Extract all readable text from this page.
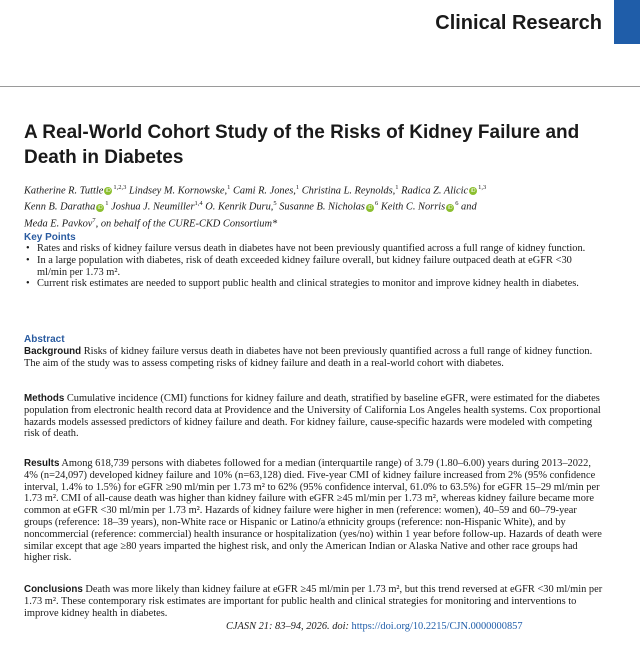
Clinical Research
A Real-World Cohort Study of the Risks of Kidney Failure and Death in Diabetes
Katherine R. Tuttle iD$^{1,2,3}$ Lindsey M. Kornowske,$^1$ Cami R. Jones,$^1$ Christina L. Reynolds,$^1$ Radica Z. Alicic iD$^{1,3}$
Kenn B. Daratha $iD^1$ Joshua J. Neumiller$^{1,4}$ O. Kenrik Duru,$^5$ Susanne B. Nicholas $iD^6$ Keith C. Norris $iD^6$ and
Meda E. Pavkov$^7$, on behalf of the CURE-CKD Consortium*
Key Points
• Rates and risks of kidney failure versus death in diabetes have not been previously quantified across a full range of kidney function.
• In a large population with diabetes, risk of death exceeded kidney failure overall, but kidney failure outpaced death at eGFR <30 ml/min per 1.73 m².
• Current risk estimates are needed to support public health and clinical strategies to monitor and improve kidney health in diabetes.
Abstract

Background Risks of kidney failure versus death in diabetes have not been previously quantified across a full range of kidney function. The aim of the study was to assess competing risks of kidney failure and death in a real-world cohort with diabetes.

Methods Cumulative incidence (CMI) functions for kidney failure and death, stratified by baseline eGFR, were estimated for the diabetes population from electronic health record data at Providence and the University of California Los Angeles health systems. Cox proportional hazards models assessed predictors of kidney failure and death. For kidney failure, cause-specific hazards were modeled with competing risk of death.

Results Among 618,739 persons with diabetes followed for a median (interquartile range) of 3.79 (1.80–6.00) years during 2013–2022, 4% (n=24,097) developed kidney failure and 10% (n=63,128) died. Five-year CMI of kidney failure increased from 2% (95% confidence interval, 1.4% to 1.5%) for eGFR ≥90 ml/min per 1.73 m² to 62% (95% confidence interval, 61.0% to 63.5%) for eGFR 15–29 ml/min per 1.73 m². CMI of all-cause death was higher than kidney failure with eGFR ≥45 ml/min per 1.73 m², whereas kidney failure became more common at eGFR <30 ml/min per 1.73 m². Hazards of kidney failure were higher in men (reference: women), 40–59 and 60–79-year groups (reference: 18–39 years), non-White race or Hispanic or Latino/a ethnicity groups (reference: non-Hispanic White), and by noncommercial (reference: commercial) health insurance or hospitalization (yes/no) within 1 year before follow-up. Hazards of death were similar except that age ≥80 years imparted the highest risk, and only the American Indian or Alaska Native and other race groups had higher risk.

Conclusions Death was more likely than kidney failure at eGFR ≥45 ml/min per 1.73 m², but this trend reversed at eGFR <30 ml/min per 1.73 m². These contemporary risk estimates are important for public health and clinical strategies for monitoring and interventions to improve kidney health in diabetes.

CJASN 21: 83–94, 2026. doi: https://doi.org/10.2215/CJN.0000000857
